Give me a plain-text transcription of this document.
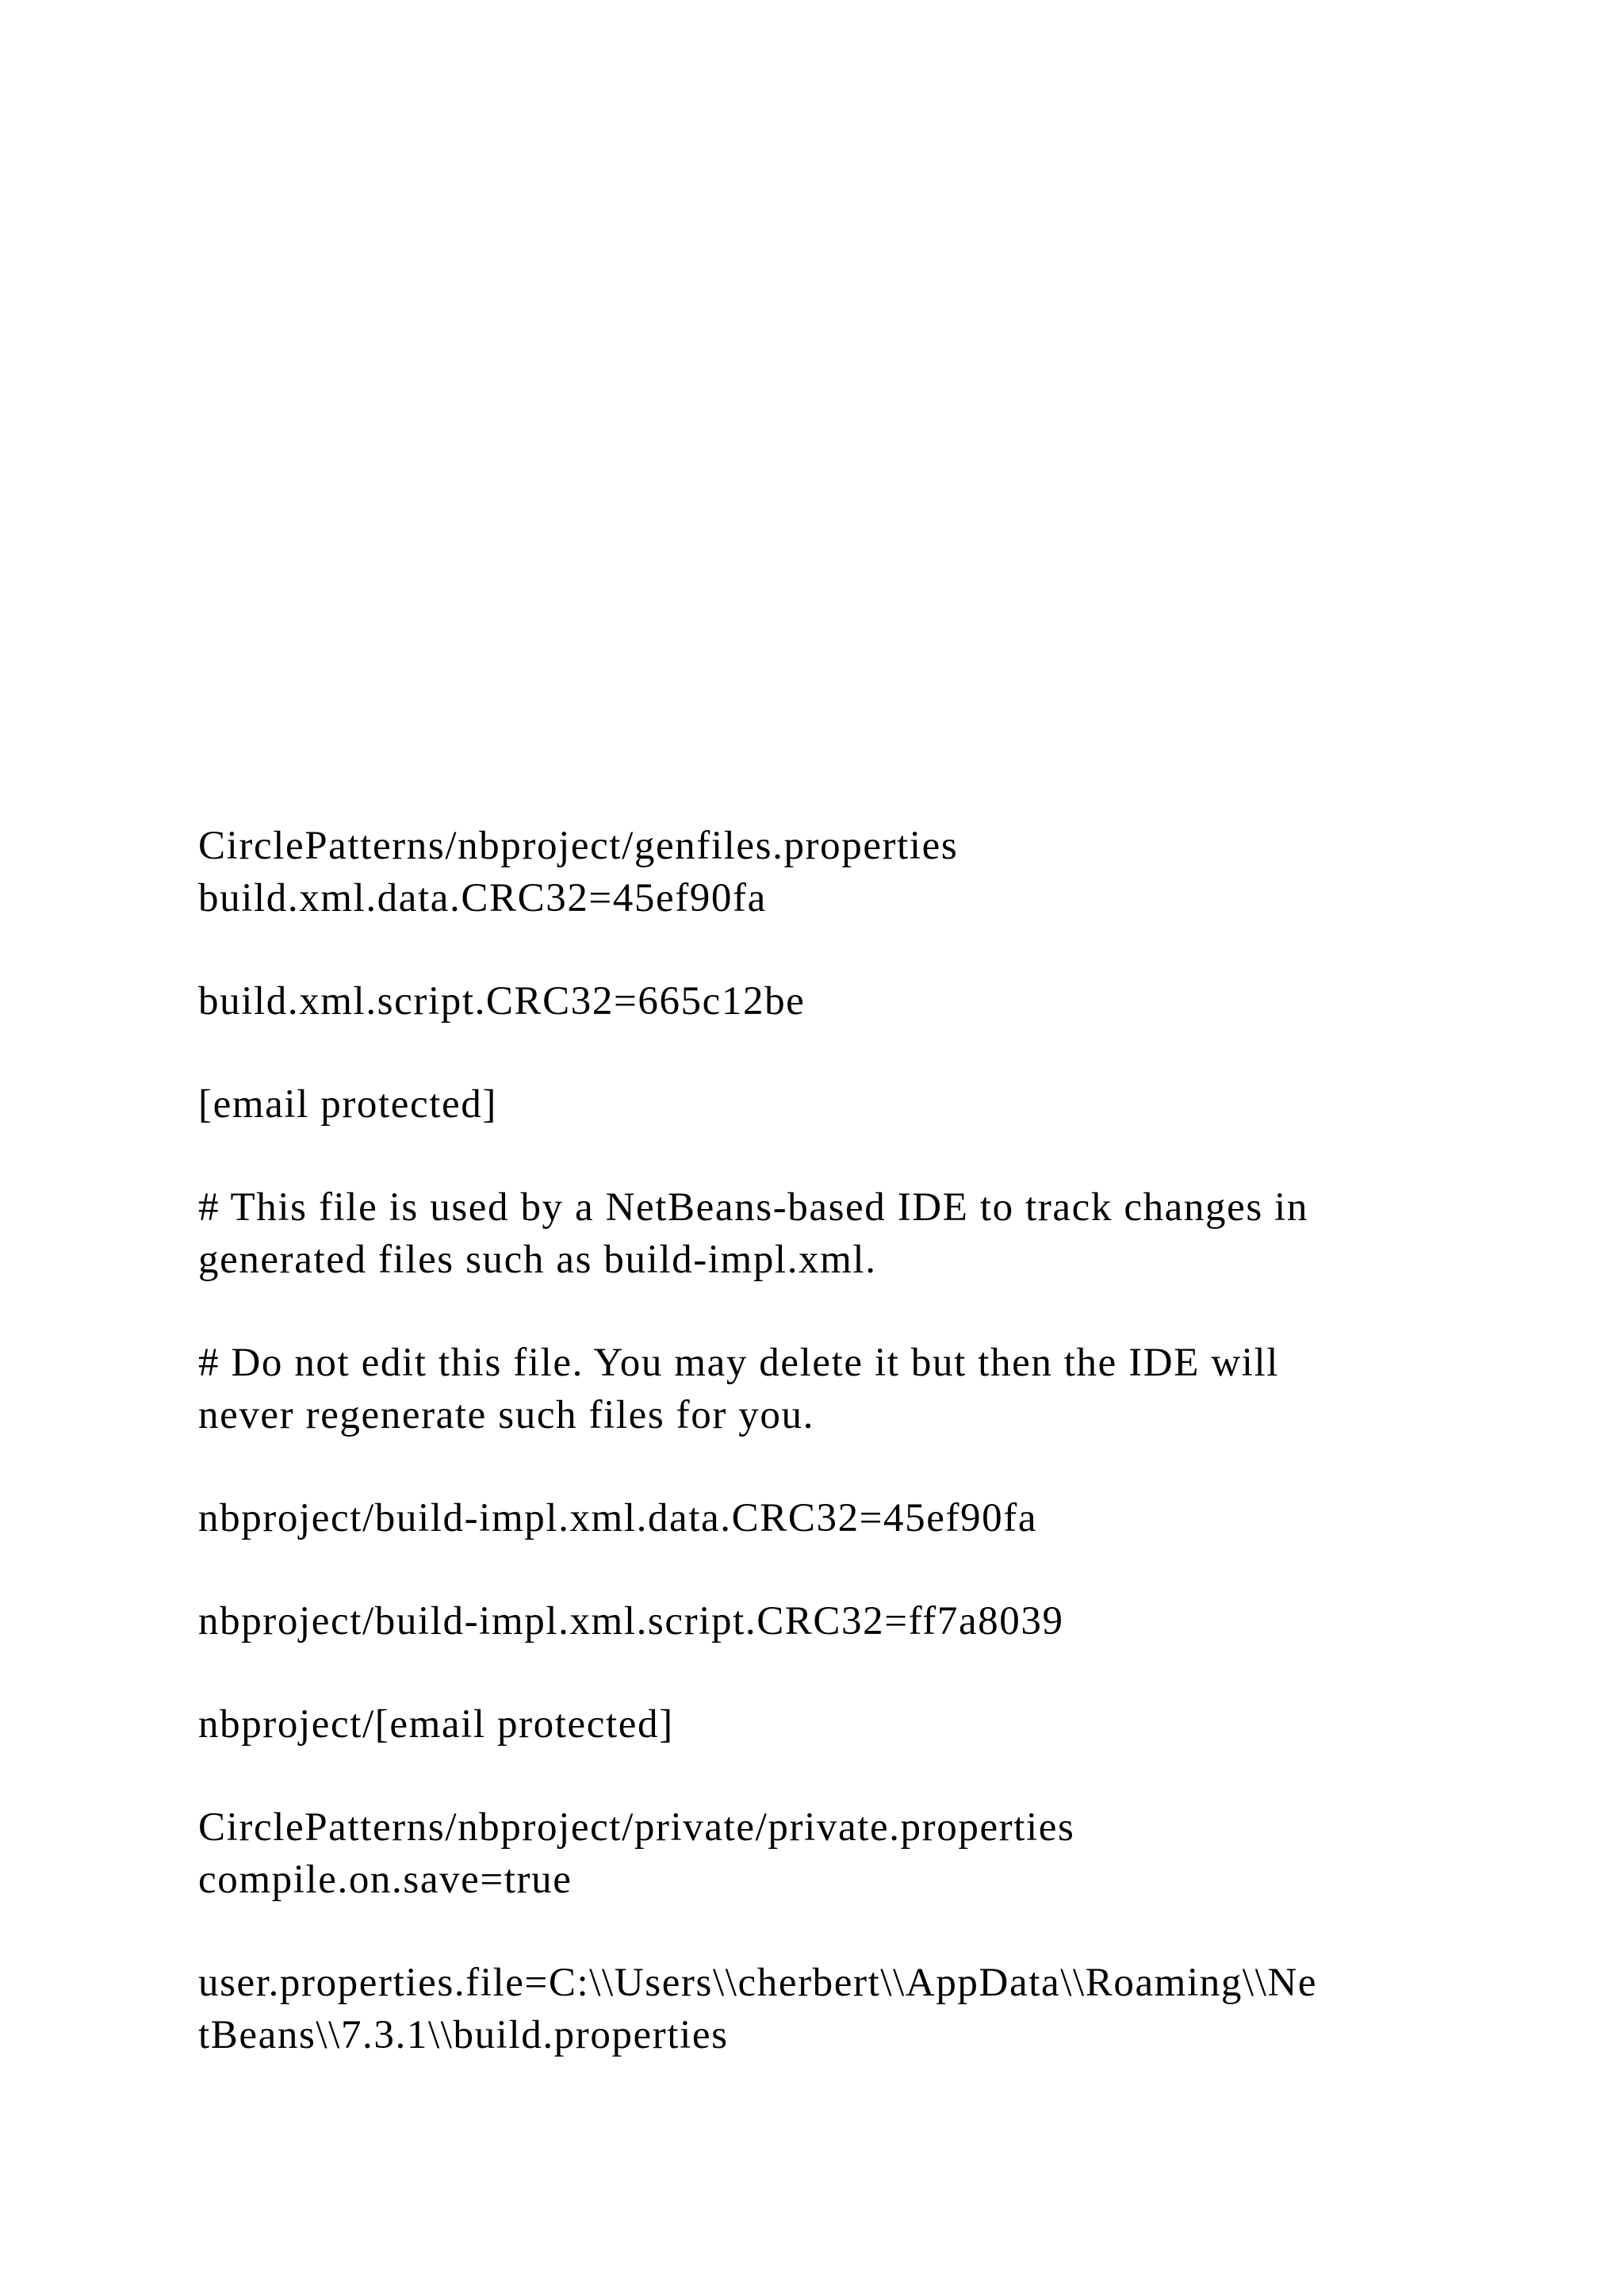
CirclePatterns/nbproject/genfiles.properties
build.xml.data.CRC32=45ef90fa
build.xml.script.CRC32=665c12be
[email protected]
# This file is used by a NetBeans-based IDE to track changes in
generated files such as build-impl.xml.
# Do not edit this file. You may delete it but then the IDE will
never regenerate such files for you.
nbproject/build-impl.xml.data.CRC32=45ef90fa
nbproject/build-impl.xml.script.CRC32=ff7a8039
nbproject/[email protected]
CirclePatterns/nbproject/private/private.properties
compile.on.save=true
user.properties.file=C:\\Users\\cherbert\\AppData\\Roaming\\Ne
tBeans\\7.3.1\\build.properties
